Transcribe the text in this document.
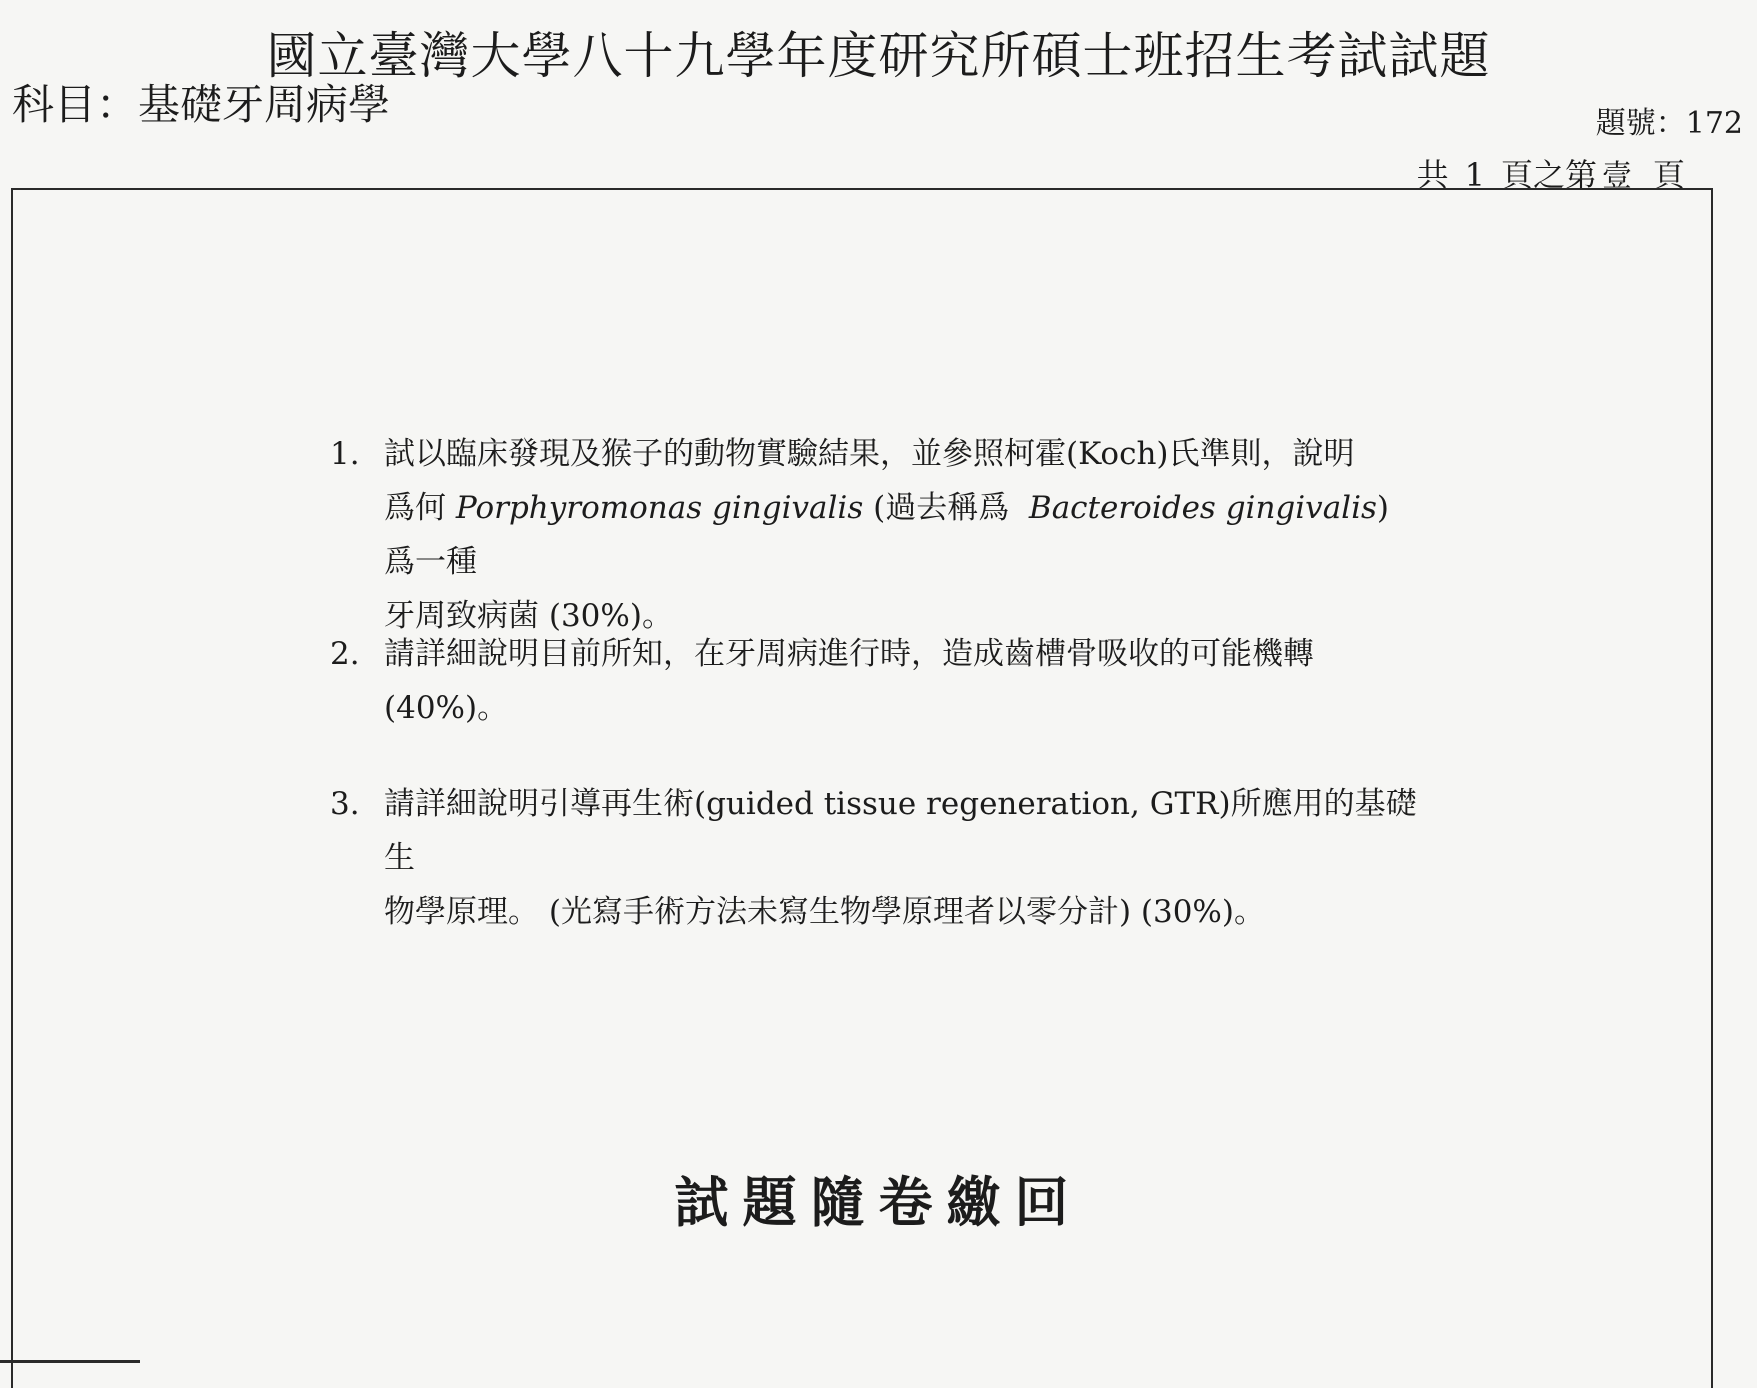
國立臺灣大學八十九學年度研究所碩士班招生考試試題
科目：基礎牙周病學	題號：172
共 1 頁之第 壹 頁
1. 試以臨床發現及猴子的動物實驗結果，並參照柯霍(Koch)氏準則，說明
爲何 Porphyromonas gingivalis (過去稱爲 Bacteroides gingivalis) 爲一種
牙周致病菌 (30%)。
2. 請詳細說明目前所知，在牙周病進行時，造成齒槽骨吸收的可能機轉
(40%)。
3. 請詳細說明引導再生術(guided tissue regeneration, GTR)所應用的基礎生
物學原理。 (光寫手術方法未寫生物學原理者以零分計) (30%)。
試題隨卷繳回
